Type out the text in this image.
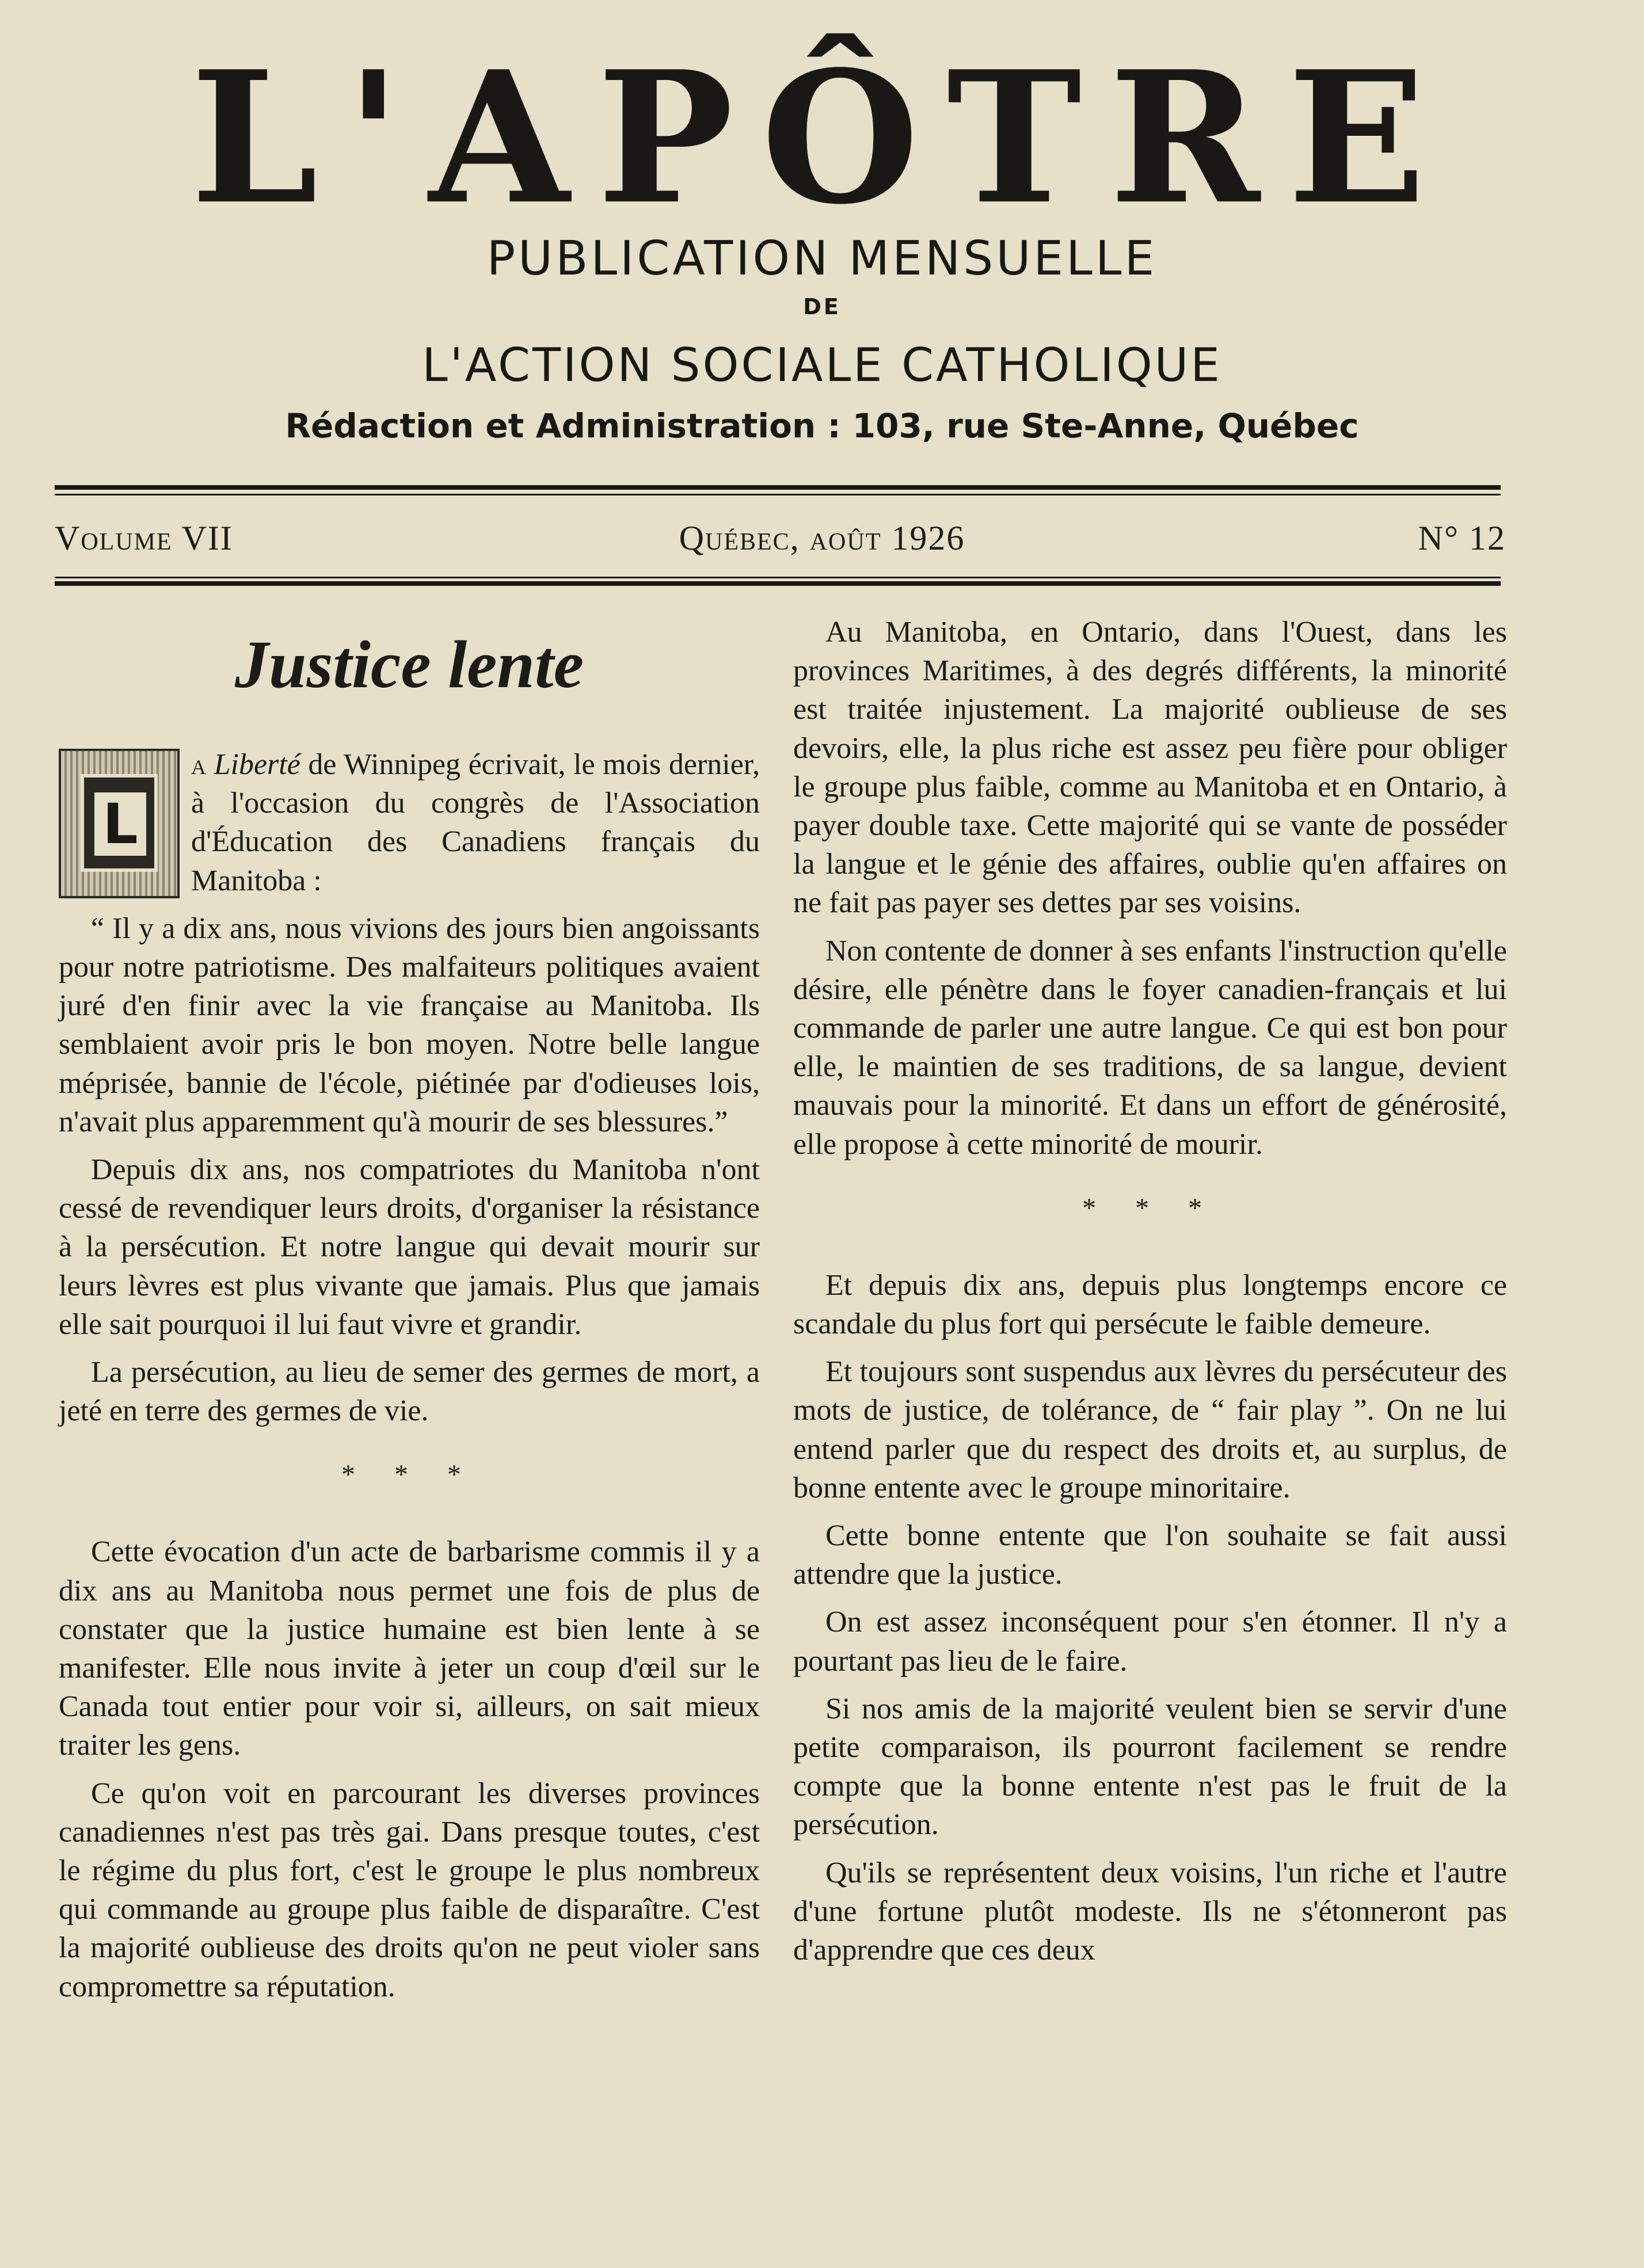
L'APÔTRE
PUBLICATION MENSUELLE
DE
L'ACTION SOCIALE CATHOLIQUE
Rédaction et Administration : 103, rue Ste-Anne, Québec
Volume VII	Québec, août 1926	N° 12
Justice lente

L
a Liberté de Winnipeg écrivait, le mois dernier, à l'occasion du congrès de l'Association d'Éducation des Canadiens français du Manitoba :

“ Il y a dix ans, nous vivions des jours bien angoissants pour notre patriotisme. Des malfaiteurs politiques avaient juré d'en finir avec la vie française au Manitoba. Ils semblaient avoir pris le bon moyen. Notre belle langue méprisée, bannie de l'école, piétinée par d'odieuses lois, n'avait plus apparemment qu'à mourir de ses blessures.”

Depuis dix ans, nos compatriotes du Manitoba n'ont cessé de revendiquer leurs droits, d'organiser la résistance à la persécution. Et notre langue qui devait mourir sur leurs lèvres est plus vivante que jamais. Plus que jamais elle sait pourquoi il lui faut vivre et grandir.

La persécution, au lieu de semer des germes de mort, a jeté en terre des germes de vie.

* * *

Cette évocation d'un acte de barbarisme commis il y a dix ans au Manitoba nous permet une fois de plus de constater que la justice humaine est bien lente à se manifester. Elle nous invite à jeter un coup d'œil sur le Canada tout entier pour voir si, ailleurs, on sait mieux traiter les gens.

Ce qu'on voit en parcourant les diverses provinces canadiennes n'est pas très gai. Dans presque toutes, c'est le régime du plus fort, c'est le groupe le plus nombreux qui commande au groupe plus faible de disparaître. C'est la majorité oublieuse des droits qu'on ne peut violer sans compromettre sa réputation.

Au Manitoba, en Ontario, dans l'Ouest, dans les provinces Maritimes, à des degrés différents, la minorité est traitée injustement. La majorité oublieuse de ses devoirs, elle, la plus riche est assez peu fière pour obliger le groupe plus faible, comme au Manitoba et en Ontario, à payer double taxe. Cette majorité qui se vante de posséder la langue et le génie des affaires, oublie qu'en affaires on ne fait pas payer ses dettes par ses voisins.

Non contente de donner à ses enfants l'instruction qu'elle désire, elle pénètre dans le foyer canadien-français et lui commande de parler une autre langue. Ce qui est bon pour elle, le maintien de ses traditions, de sa langue, devient mauvais pour la minorité. Et dans un effort de générosité, elle propose à cette minorité de mourir.

* * *

Et depuis dix ans, depuis plus longtemps encore ce scandale du plus fort qui persécute le faible demeure.

Et toujours sont suspendus aux lèvres du persécuteur des mots de justice, de tolérance, de “ fair play ”. On ne lui entend parler que du respect des droits et, au surplus, de bonne entente avec le groupe minoritaire.

Cette bonne entente que l'on souhaite se fait aussi attendre que la justice.

On est assez inconséquent pour s'en étonner. Il n'y a pourtant pas lieu de le faire.

Si nos amis de la majorité veulent bien se servir d'une petite comparaison, ils pourront facilement se rendre compte que la bonne entente n'est pas le fruit de la persécution.

Qu'ils se représentent deux voisins, l'un riche et l'autre d'une fortune plutôt modeste. Ils ne s'étonneront pas d'apprendre que ces deux
